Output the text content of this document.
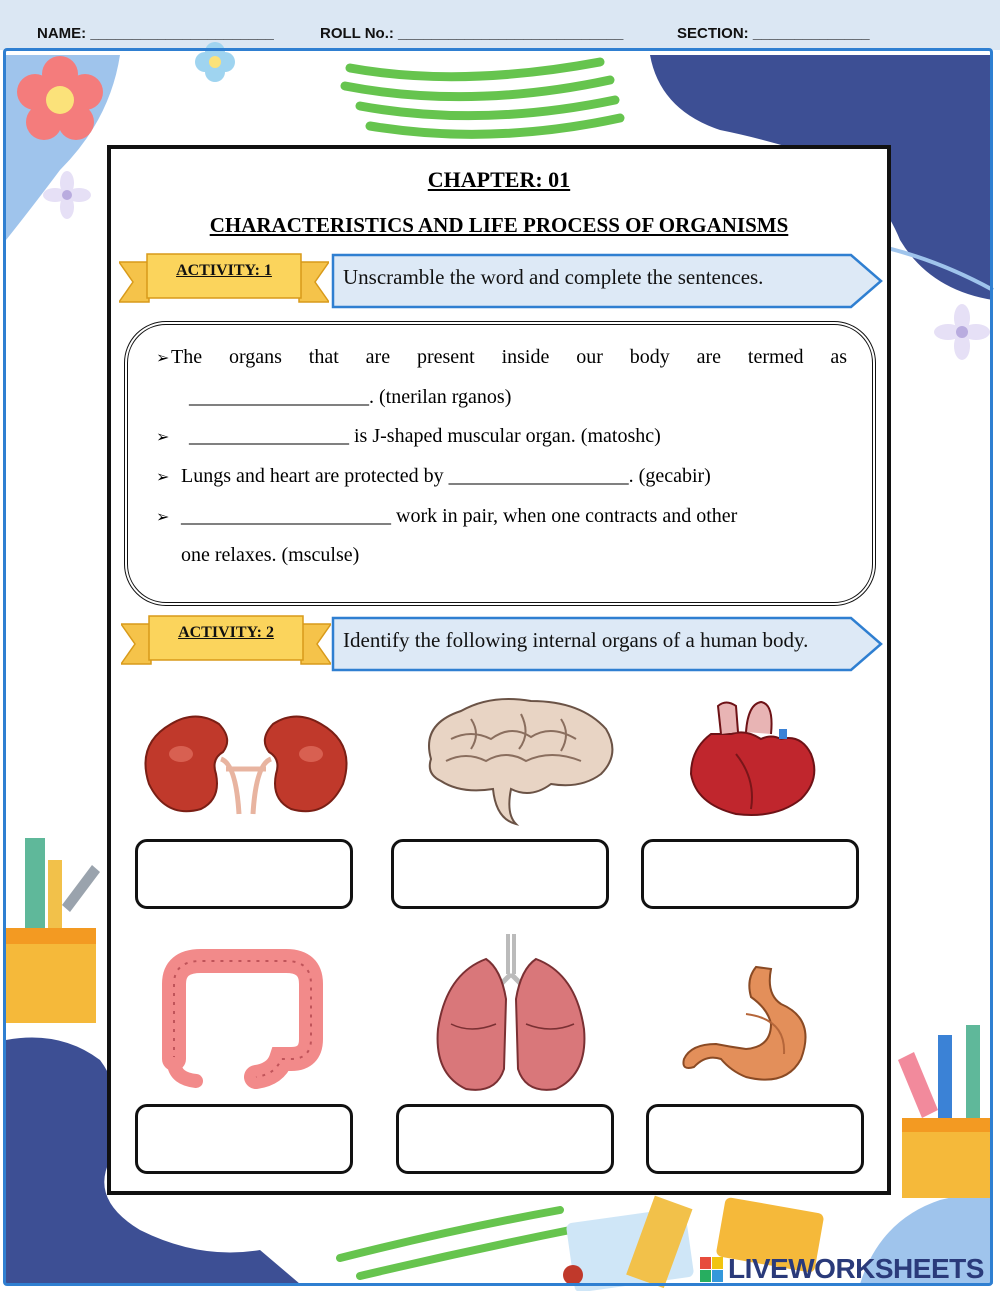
NAME: ______________________	ROLL No.: ___________________________	SECTION: ______________
CHAPTER: 01
CHARACTERISTICS AND LIFE PROCESS OF ORGANISMS
ACTIVITY: 1	Unscramble the word and complete the sentences.
➢ The organs that are present inside our body are termed as
__________________. (tnerilan rganos)
➢ ________________ is J-shaped muscular organ. (matoshc)
➢ Lungs and heart are protected by __________________. (gecabir)
➢ _____________________ work in pair, when one contracts and other
one relaxes. (msculse)
ACTIVITY: 2	Identify the following internal organs of a human body.
LIVEWORKSHEETS
